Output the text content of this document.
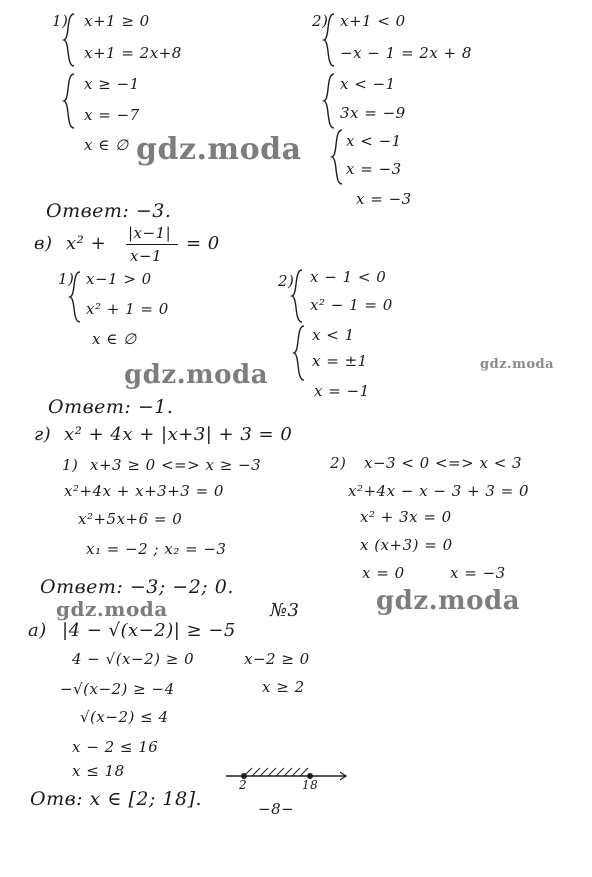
1) x+1 ≥ 0
x+1 = 2x+8
x ≥ −1
x = −7
x ∈ ∅
2) x+1 < 0
−x − 1 = 2x + 8
x < −1
3x = −9
x < −1
x = −3
x = −3
gdz.moda
Ответ: −3.
в) x² + |x−1|
x−1
= 0
1) x−1 > 0
x² + 1 = 0
x ∈ ∅
2) x − 1 < 0
x² − 1 = 0
x < 1
x = ±1
x = −1
gdz.moda	gdz.moda
Ответ: −1.
г) x² + 4x + |x+3| + 3 = 0
1) x+3 ≥ 0 <=> x ≥ −3
x²+4x + x+3+3 = 0
x²+5x+6 = 0
x₁ = −2 ; x₂ = −3
2) x−3 < 0 <=> x < 3
x²+4x − x − 3 + 3 = 0
x² + 3x = 0
x (x+3) = 0
x = 0	x = −3
Ответ: −3; −2; 0.
gdz.moda	gdz.moda
№3
а) |4 − √(x−2)| ≥ −5
4 − √(x−2) ≥ 0
−√(x−2) ≥ −4
√(x−2) ≤ 4
x − 2 ≤ 16
x ≤ 18
x−2 ≥ 0
x ≥ 2
2	18
Отв: x ∈ [2; 18].	−8−
